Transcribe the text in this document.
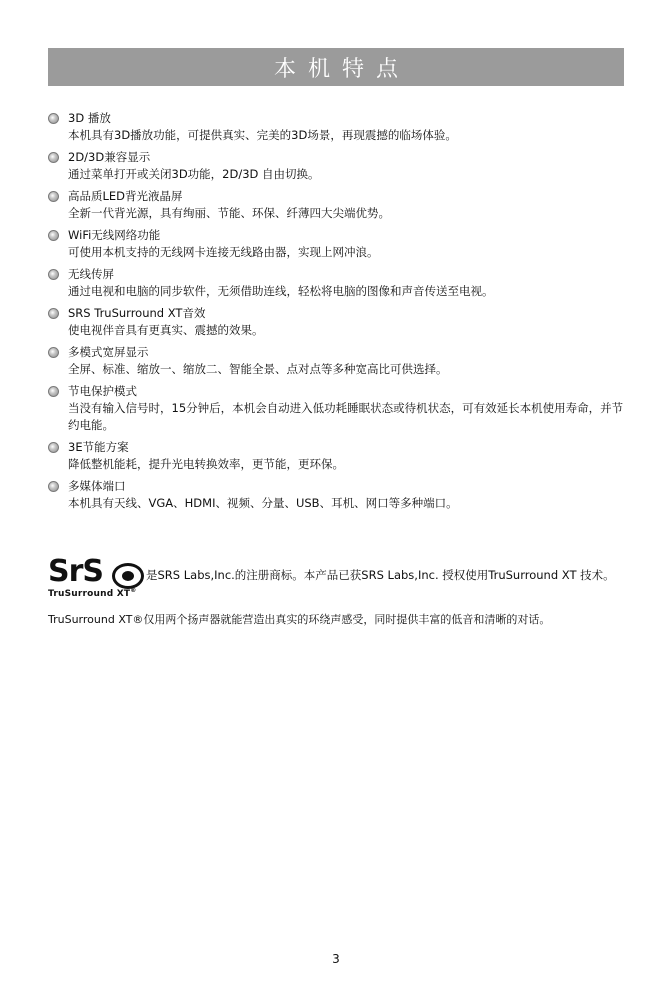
本机特点
3D 播放
本机具有3D播放功能，可提供真实、完美的3D场景，再现震撼的临场体验。
2D/3D兼容显示
通过菜单打开或关闭3D功能，2D/3D 自由切换。
高品质LED背光液晶屏
全新一代背光源，具有绚丽、节能、环保、纤薄四大尖端优势。
WiFi无线网络功能
可使用本机支持的无线网卡连接无线路由器，实现上网冲浪。
无线传屏
通过电视和电脑的同步软件，无须借助连线，轻松将电脑的图像和声音传送至电视。
SRS TruSurround XT音效
使电视伴音具有更真实、震撼的效果。
多模式宽屏显示
全屏、标准、缩放一、缩放二、智能全景、点对点等多种宽高比可供选择。
节电保护模式
当没有输入信号时，15分钟后，本机会自动进入低功耗睡眠状态或待机状态，可有效延长本机使用寿命，并节约电能。
3E节能方案
降低整机能耗，提升光电转换效率，更节能，更环保。
多媒体端口
本机具有天线、VGA、HDMI、视频、分量、USB、耳机、网口等多种端口。
SrS
TruSurround XT®
是SRS Labs,Inc.的注册商标。本产品已获SRS Labs,Inc. 授权使用TruSurround XT 技术。
TruSurround XT®仅用两个扬声器就能营造出真实的环绕声感受，同时提供丰富的低音和清晰的对话。
3
